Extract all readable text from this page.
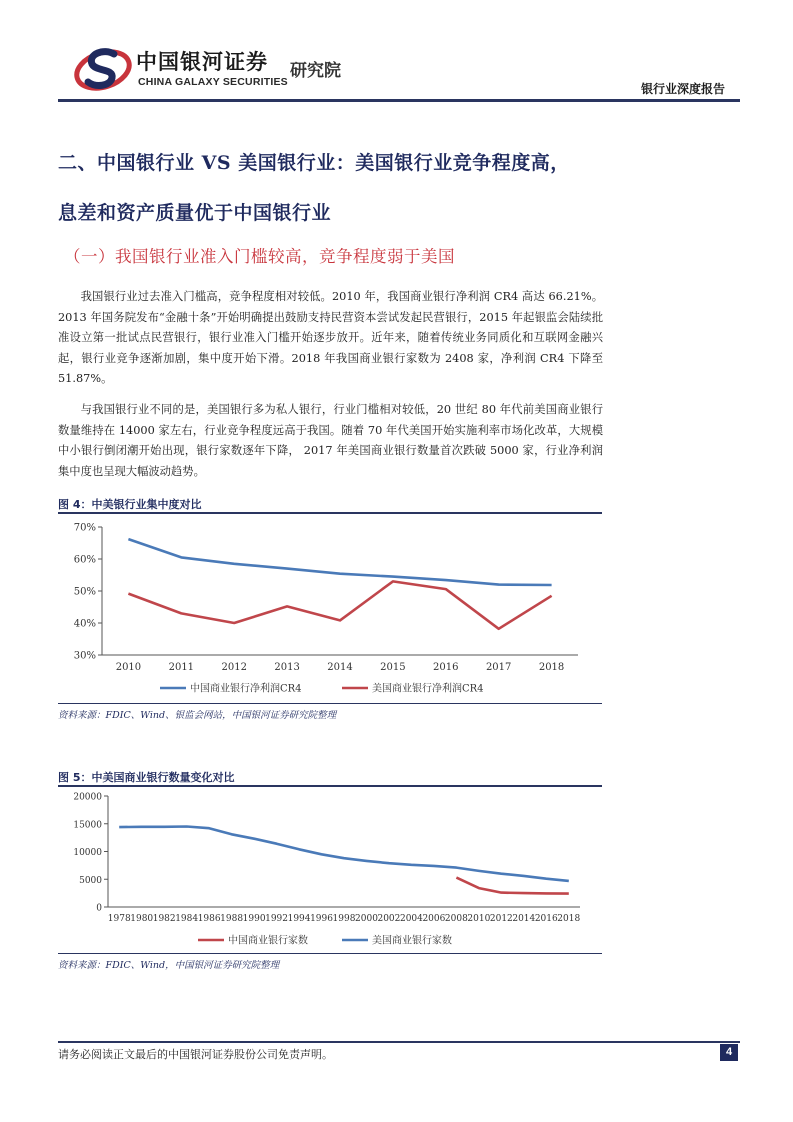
中国银河证券 研究院
CHINA GALAXY SECURITIES	银行业深度报告
二、中国银行业 VS 美国银行业：美国银行业竞争程度高，
息差和资产质量优于中国银行业
（一）我国银行业准入门槛较高，竞争程度弱于美国

我国银行业过去准入门槛高，竞争程度相对较低。2010 年，我国商业银行净利润 CR4 高达 66.21%。2013 年国务院发布“金融十条”开始明确提出鼓励支持民营资本尝试发起民营银行，2015 年起银监会陆续批准设立第一批试点民营银行，银行业准入门槛开始逐步放开。近年来，随着传统业务同质化和互联网金融兴起，银行业竞争逐渐加剧，集中度开始下滑。2018 年我国商业银行家数为 2408 家，净利润 CR4 下降至 51.87%。

与我国银行业不同的是，美国银行多为私人银行，行业门槛相对较低，20 世纪 80 年代前美国商业银行数量维持在 14000 家左右，行业竞争程度远高于我国。随着 70 年代美国开始实施利率市场化改革，大规模中小银行倒闭潮开始出现，银行家数逐年下降， 2017 年美国商业银行数量首次跌破 5000 家，行业净利润集中度也呈现大幅波动趋势。

图 4：中美银行业集中度对比
30%
40%
50%
60%
70%
2010	2011	2012	2013	2014	2015	2016	2017	2018
中国商业银行净利润CR4	美国商业银行净利润CR4
资料来源：FDIC、Wind、银监会网站，中国银河证券研究院整理
图 5：中美国商业银行数量变化对比
0
5000
10000
15000
20000
1978 1980 1982 1984 1986 1988 1990 1992 1994 1996 1998 2000 2002 2004 2006 2008 2010 2012 2014 2016 2018
中国商业银行家数	美国商业银行家数
资料来源：FDIC、Wind，中国银河证券研究院整理
请务必阅读正文最后的中国银河证券股份公司免责声明。	4
